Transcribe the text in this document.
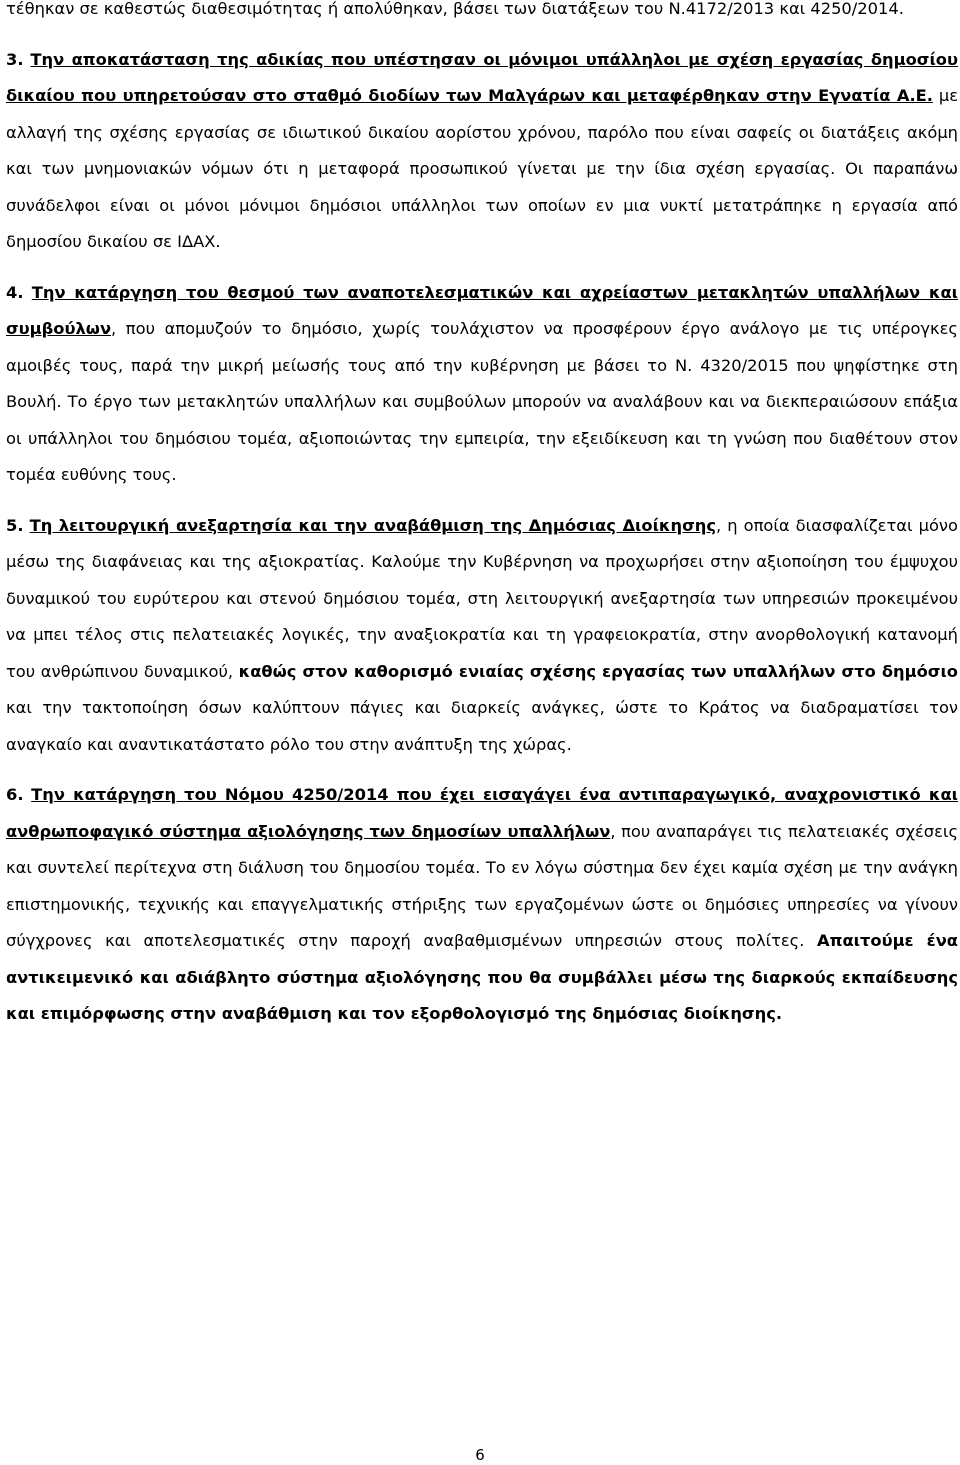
τέθηκαν σε καθεστώς διαθεσιμότητας ή απολύθηκαν, βάσει των διατάξεων του Ν.4172/2013 και 4250/2014.

3. Την αποκατάσταση της αδικίας που υπέστησαν οι μόνιμοι υπάλληλοι με σχέση εργασίας δημοσίου δικαίου που υπηρετούσαν στο σταθμό διοδίων των Μαλγάρων και μεταφέρθηκαν στην Εγνατία Α.Ε. με αλλαγή της σχέσης εργασίας σε ιδιωτικού δικαίου αορίστου χρόνου, παρόλο που είναι σαφείς οι διατάξεις ακόμη και των μνημονιακών νόμων ότι η μεταφορά προσωπικού γίνεται με την ίδια σχέση εργασίας. Οι παραπάνω συνάδελφοι είναι οι μόνοι μόνιμοι δημόσιοι υπάλληλοι των οποίων εν μια νυκτί μετατράπηκε η εργασία από δημοσίου δικαίου σε ΙΔΑΧ.

4. Την κατάργηση του θεσμού των αναποτελεσματικών και αχρείαστων μετακλητών υπαλλήλων και συμβούλων, που απομυζούν το δημόσιο, χωρίς τουλάχιστον να προσφέρουν έργο ανάλογο με τις υπέρογκες αμοιβές τους, παρά την μικρή μείωσής τους από την κυβέρνηση με βάσει το Ν. 4320/2015 που ψηφίστηκε στη Βουλή. Το έργο των μετακλητών υπαλλήλων και συμβούλων μπορούν να αναλάβουν και να διεκπεραιώσουν επάξια οι υπάλληλοι του δημόσιου τομέα, αξιοποιώντας την εμπειρία, την εξειδίκευση και τη γνώση που διαθέτουν στον τομέα ευθύνης τους.

5. Τη λειτουργική ανεξαρτησία και την αναβάθμιση της Δημόσιας Διοίκησης, η οποία διασφαλίζεται μόνο μέσω της διαφάνειας και της αξιοκρατίας. Καλούμε την Κυβέρνηση να προχωρήσει στην αξιοποίηση του έμψυχου δυναμικού του ευρύτερου και στενού δημόσιου τομέα, στη λειτουργική ανεξαρτησία των υπηρεσιών προκειμένου να μπει τέλος στις πελατειακές λογικές, την αναξιοκρατία και τη γραφειοκρατία, στην ανορθολογική κατανομή του ανθρώπινου δυναμικού, καθώς στον καθορισμό ενιαίας σχέσης εργασίας των υπαλλήλων στο δημόσιο και την τακτοποίηση όσων καλύπτουν πάγιες και διαρκείς ανάγκες, ώστε το Κράτος να διαδραματίσει τον αναγκαίο και αναντικατάστατο ρόλο του στην ανάπτυξη της χώρας.

6. Την κατάργηση του Νόμου 4250/2014 που έχει εισαγάγει ένα αντιπαραγωγικό, αναχρονιστικό και ανθρωποφαγικό σύστημα αξιολόγησης των δημοσίων υπαλλήλων, που αναπαράγει τις πελατειακές σχέσεις και συντελεί περίτεχνα στη διάλυση του δημοσίου τομέα. Το εν λόγω σύστημα δεν έχει καμία σχέση με την ανάγκη επιστημονικής, τεχνικής και επαγγελματικής στήριξης των εργαζομένων ώστε οι δημόσιες υπηρεσίες να γίνουν σύγχρονες και αποτελεσματικές στην παροχή αναβαθμισμένων υπηρεσιών στους πολίτες. Απαιτούμε ένα αντικειμενικό και αδιάβλητο σύστημα αξιολόγησης που θα συμβάλλει μέσω της διαρκούς εκπαίδευσης και επιμόρφωσης στην αναβάθμιση και τον εξορθολογισμό της δημόσιας διοίκησης.

6
